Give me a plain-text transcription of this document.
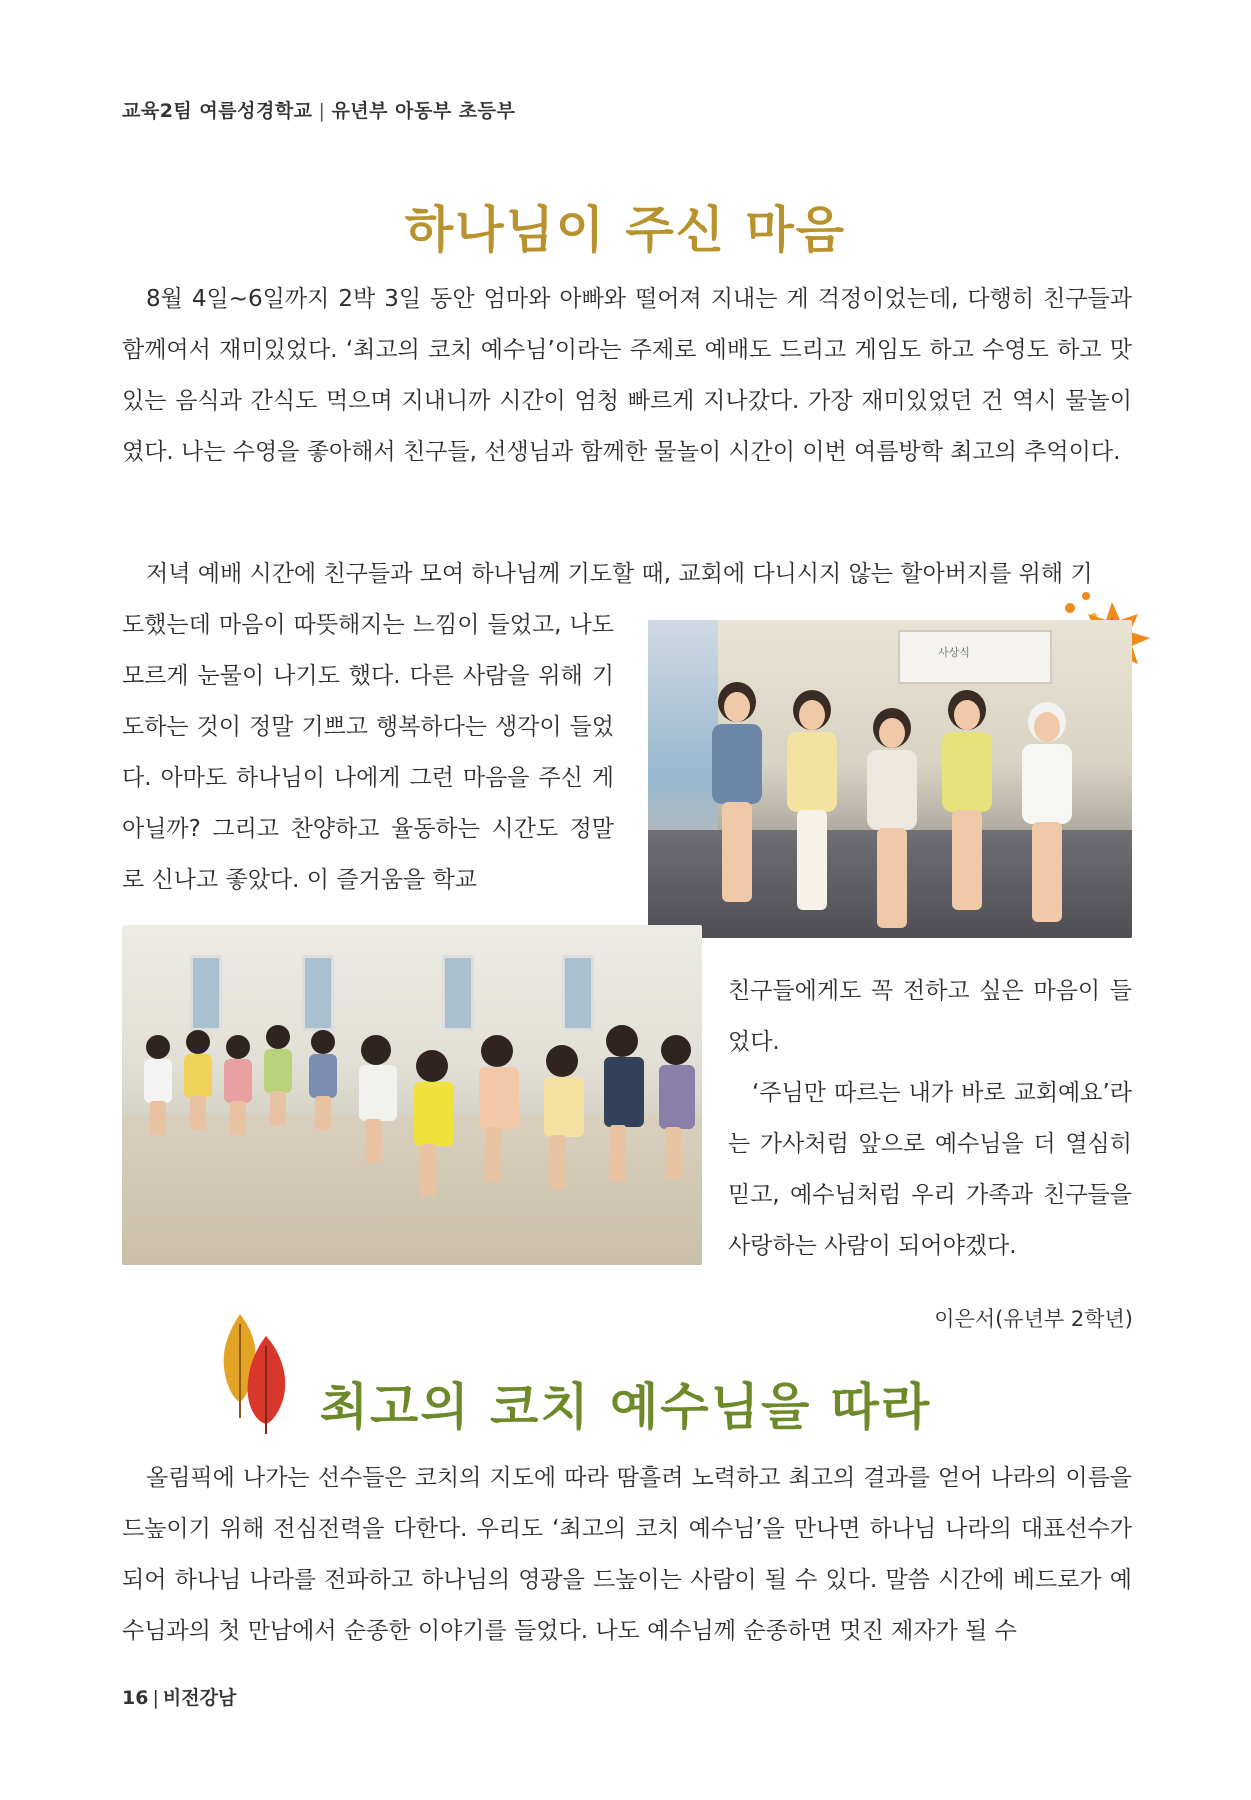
교육2팀 여름성경학교 | 유년부 아동부 초등부
하나님이 주신 마음

8월 4일~6일까지 2박 3일 동안 엄마와 아빠와 떨어져 지내는 게 걱정이었는데, 다행히 친구들과 함께여서 재미있었다. ‘최고의 코치 예수님’이라는 주제로 예배도 드리고 게임도 하고 수영도 하고 맛있는 음식과 간식도 먹으며 지내니까 시간이 엄청 빠르게 지나갔다. 가장 재미있었던 건 역시 물놀이였다. 나는 수영을 좋아해서 친구들, 선생님과 함께한 물놀이 시간이 이번 여름방학 최고의 추억이다.

저녁 예배 시간에 친구들과 모여 하나님께 기도할 때, 교회에 다니시지 않는 할아버지를 위해 기

도했는데 마음이 따뜻해지는 느낌이 들었고, 나도 모르게 눈물이 나기도 했다. 다른 사람을 위해 기도하는 것이 정말 기쁘고 행복하다는 생각이 들었다. 아마도 하나님이 나에게 그런 마음을 주신 게 아닐까? 그리고 찬양하고 율동하는 시간도 정말로 신나고 좋았다. 이 즐거움을 학교

사상식

친구들에게도 꼭 전하고 싶은 마음이 들었다.

‘주님만 따르는 내가 바로 교회예요’라는 가사처럼 앞으로 예수님을 더 열심히 믿고, 예수님처럼 우리 가족과 친구들을 사랑하는 사람이 되어야겠다.

이은서(유년부 2학년)
최고의 코치 예수님을 따라

올림픽에 나가는 선수들은 코치의 지도에 따라 땀흘려 노력하고 최고의 결과를 얻어 나라의 이름을 드높이기 위해 전심전력을 다한다. 우리도 ‘최고의 코치 예수님’을 만나면 하나님 나라의 대표선수가 되어 하나님 나라를 전파하고 하나님의 영광을 드높이는 사람이 될 수 있다. 말씀 시간에 베드로가 예수님과의 첫 만남에서 순종한 이야기를 들었다. 나도 예수님께 순종하면 멋진 제자가 될 수

16 | 비전강남
